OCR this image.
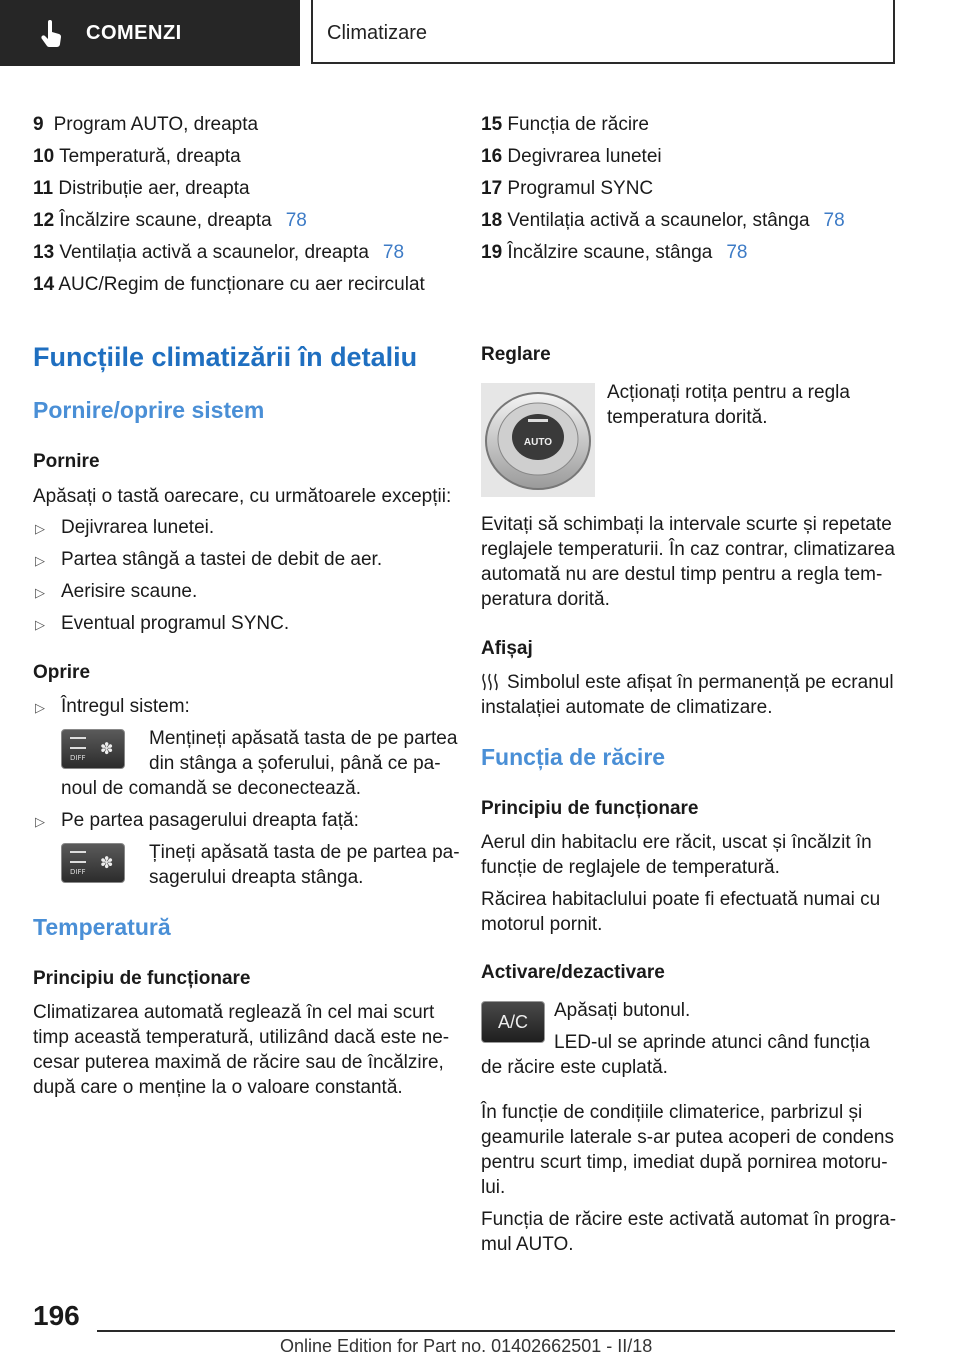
COMENZI	Climatizare

9 Program AUTO, dreapta

10 Temperatură, dreapta

11 Distribuție aer, dreapta

12 Încălzire scaune, dreapta 78

13 Ventilația activă a scaunelor, dreapta 78

14 AUC/Regim de funcționare cu aer recirculat

15 Funcția de răcire

16 Degivrarea lunetei

17 Programul SYNC

18 Ventilația activă a scaunelor, stânga 78

19 Încălzire scaune, stânga 78

Funcțiile climatizării în detaliu
Pornire/oprire sistem
Pornire

Apăsați o tastă oarecare, cu următoarele excepții:

▷ Dejivrarea lunetei.

▷ Partea stângă a tastei de debit de aer.

▷ Aerisire scaune.

▷ Eventual programul SYNC.

Oprire
▷ Întregul sistem:

DIFF ✽

Mențineți apăsată tasta de pe partea

din stânga a șoferului, până ce pa-

noul de comandă se deconectează.

▷ Pe partea pasagerului dreapta față:

DIFF ✽

Țineți apăsată tasta de pe partea pa-

sagerului dreapta stânga.

Temperatură
Principiu de funcționare

Climatizarea automată reglează în cel mai scurt

timp această temperatură, utilizând dacă este ne-

cesar puterea maximă de răcire sau de încălzire,

după care o menține la o valoare constantă.

AUTO
A/C
Reglare

Acționați rotița pentru a regla

temperatura dorită.

Evitați să schimbați la intervale scurte și repetate

reglajele temperaturii. În caz contrar, climatizarea

automată nu are destul timp pentru a regla tem-

peratura dorită.

Afișaj

Simbolul este afișat în permanență pe ecranul

instalației automate de climatizare.

Funcția de răcire
Principiu de funcționare

Aerul din habitaclu ere răcit, uscat și încălzit în

funcție de reglajele de temperatură.

Răcirea habitaclului poate fi efectuată numai cu

motorul pornit.

Activare/dezactivare

Apăsați butonul.

LED-ul se aprinde atunci când funcția

de răcire este cuplată.

În funcție de condițiile climaterice, parbrizul și

geamurile laterale s-ar putea acoperi de condens

pentru scurt timp, imediat după pornirea motoru-

lui.

Funcția de răcire este activată automat în progra-

mul AUTO.

196
Online Edition for Part no. 01402662501 - II/18
